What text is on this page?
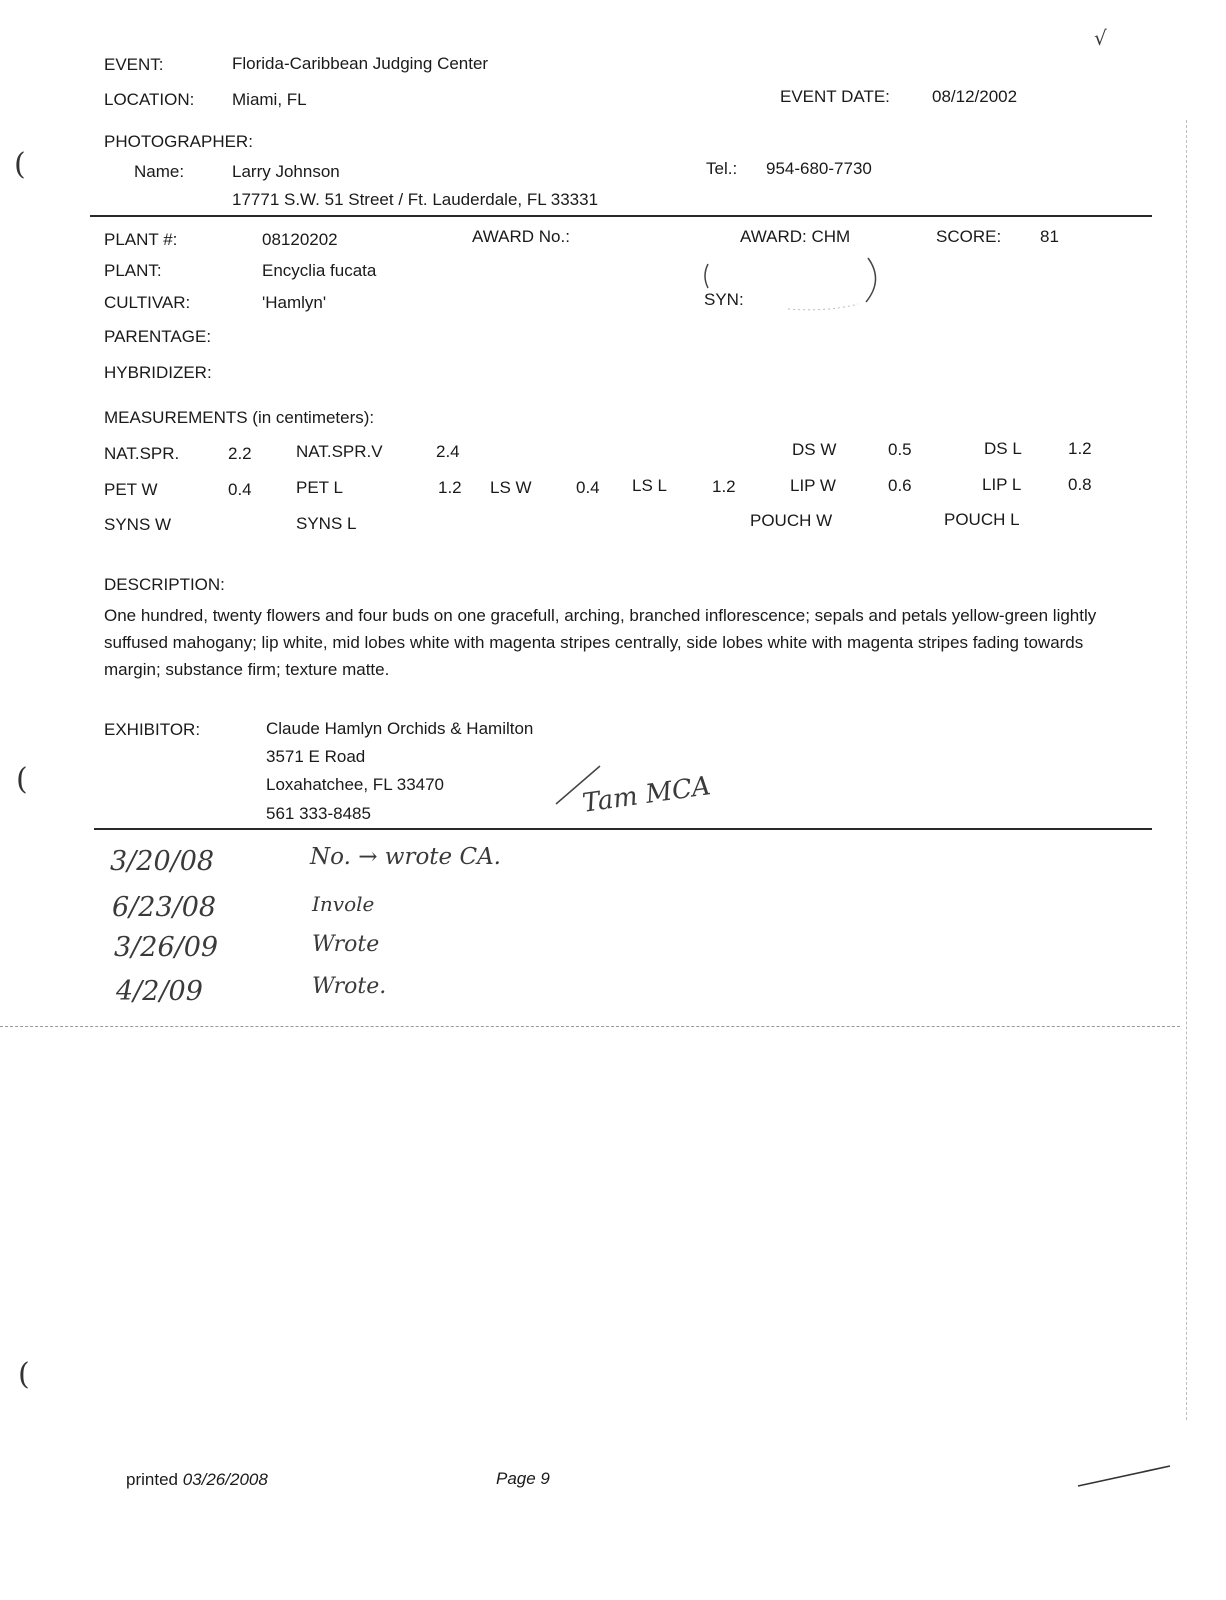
√
(
(
(
EVENT:	Florida-Caribbean Judging Center
LOCATION: Miami, FL	EVENT DATE: 08/12/2002
PHOTOGRAPHER:
Name:	Larry Johnson	Tel.: 954-680-7730
17771 S.W. 51 Street / Ft. Lauderdale, FL 33331
PLANT #:	08120202	AWARD No.:	AWARD: CHM	SCORE: 81
PLANT:	Encyclia fucata
CULTIVAR:	'Hamlyn'	SYN:
PARENTAGE:
HYBRIDIZER:
MEASUREMENTS (in centimeters):
NAT.SPR.	2.2	NAT.SPR.V	2.4	DS W	0.5	DS L	1.2
PET W	0.4	PET L	1.2 LS W	0.4 LS L	1.2	LIP W	0.6	LIP L	0.8
SYNS W	SYNS L	POUCH W	POUCH L
DESCRIPTION:
One hundred, twenty flowers and four buds on one gracefull, arching, branched inflorescence; sepals and petals yellow-green lightly suffused mahogany; lip white, mid lobes white with magenta stripes centrally, side lobes white with magenta stripes fading towards margin; substance firm; texture matte.
EXHIBITOR:	Claude Hamlyn Orchids & Hamilton
3571 E Road
Loxahatchee, FL 33470
561 333-8485	Tam MCA
3/20/08	No. → wrote CA.
6/23/08	Invole
3/26/09	Wrote
4/2/09	Wrote.
printed 03/26/2008	Page 9
